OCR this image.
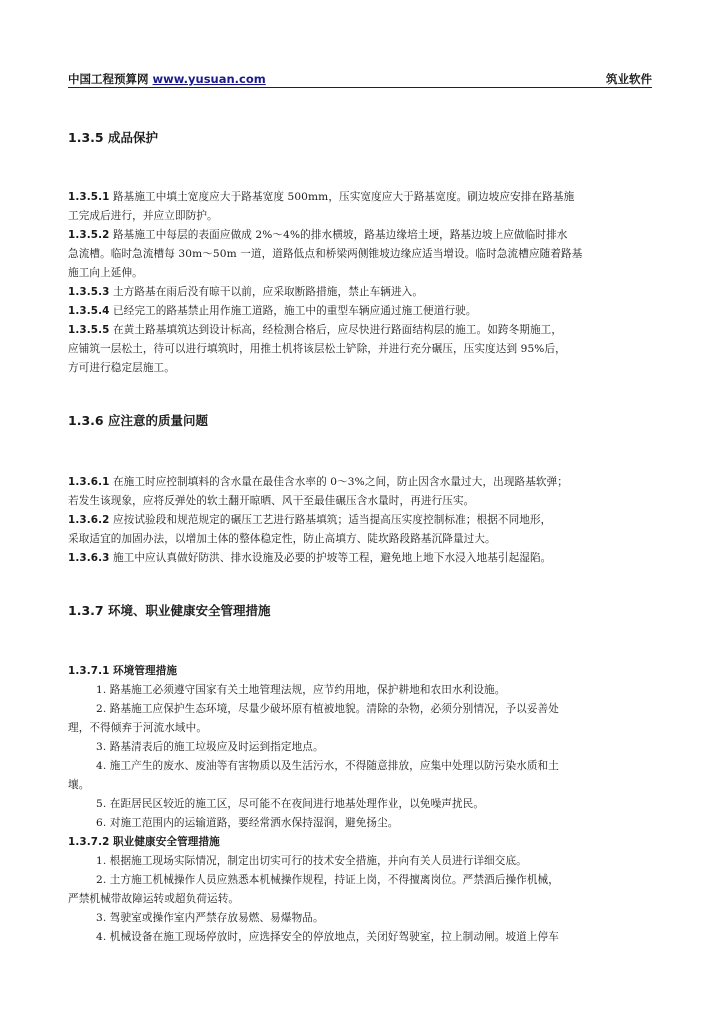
中国工程预算网 www.yusuan.com	筑业软件
1.3.5 成品保护
1.3.5.1 路基施工中填土宽度应大于路基宽度 500mm，压实宽度应大于路基宽度。刷边坡应安排在路基施
工完成后进行，并应立即防护。
1.3.5.2 路基施工中每层的表面应做成 2%～4%的排水横坡，路基边缘培土埂，路基边坡上应做临时排水
急流槽。临时急流槽每 30m～50m 一道，道路低点和桥梁两侧锥坡边缘应适当增设。临时急流槽应随着路基
施工向上延伸。
1.3.5.3 土方路基在雨后没有晾干以前，应采取断路措施，禁止车辆进入。
1.3.5.4 已经完工的路基禁止用作施工道路，施工中的重型车辆应通过施工便道行驶。
1.3.5.5 在黄土路基填筑达到设计标高，经检测合格后，应尽快进行路面结构层的施工。如跨冬期施工，
应铺筑一层松土，待可以进行填筑时，用推土机将该层松土铲除，并进行充分碾压，压实度达到 95%后，
方可进行稳定层施工。
1.3.6 应注意的质量问题
1.3.6.1 在施工时应控制填料的含水量在最佳含水率的 0～3%之间，防止因含水量过大，出现路基软弹；
若发生该现象，应将反弹处的软土翻开晾晒、风干至最佳碾压含水量时，再进行压实。
1.3.6.2 应按试验段和规范规定的碾压工艺进行路基填筑；适当提高压实度控制标准；根据不同地形，
采取适宜的加固办法，以增加土体的整体稳定性，防止高填方、陡坎路段路基沉降量过大。
1.3.6.3 施工中应认真做好防洪、排水设施及必要的护坡等工程，避免地上地下水浸入地基引起湿陷。
1.3.7 环境、职业健康安全管理措施
1.3.7.1 环境管理措施
1. 路基施工必须遵守国家有关土地管理法规，应节约用地，保护耕地和农田水利设施。
2. 路基施工应保护生态环境，尽量少破坏原有植被地貌。清除的杂物，必须分别情况，予以妥善处
理，不得倾弃于河流水域中。
3. 路基清表后的施工垃圾应及时运到指定地点。
4. 施工产生的废水、废油等有害物质以及生活污水，不得随意排放，应集中处理以防污染水质和土
壤。
5. 在距居民区较近的施工区，尽可能不在夜间进行地基处理作业，以免噪声扰民。
6. 对施工范围内的运输道路，要经常洒水保持湿润，避免扬尘。
1.3.7.2 职业健康安全管理措施
1. 根据施工现场实际情况，制定出切实可行的技术安全措施，并向有关人员进行详细交底。
2. 土方施工机械操作人员应熟悉本机械操作规程，持证上岗，不得擅离岗位。严禁酒后操作机械，
严禁机械带故障运转或超负荷运转。
3. 驾驶室或操作室内严禁存放易燃、易爆物品。
4. 机械设备在施工现场停放时，应选择安全的停放地点，关闭好驾驶室，拉上制动闸。坡道上停车
